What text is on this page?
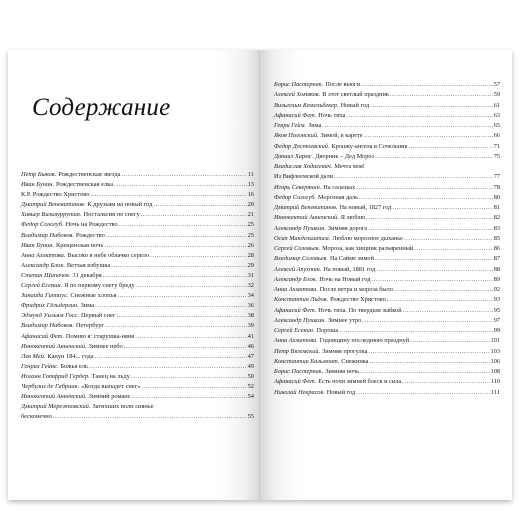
Содержание
Петр Быков. Рождественская звезда .....	11
Иван Бунин. Рождественская елка .....	13
К.Р. Рождество Христово .....	16
Дмитрий Веневитинов. К друзьям на новый год .....	20
Хавьер Вильяуррутия. Ностальгия по снегу .....	21
Федор Сологуб. Ночь на Рождество .....	25
Владимир Набоков. Рождество .....	25
Иван Бунин. Крещенская ночь .....	26
Анна Ахматова. Высоко в небе облачко серело .....	28
Александр Блок. Ветхая избушка .....	29
Степан Щипачев. 31 декабря .....	31
Сергей Есенин. Я по первому снегу бреду .....	32
Зинаида Гиппиус. Снежные хлопья .....	34
Фридрих Гёльдерлин. Зима .....	36
Эдмунд Уильям Госс. Первый снег .....	38
Владимир Набоков. Петербург .....	39
Афанасий Фет. Помню я: старушка-няня .....	41
Иннокентий Анненский. Зимнее небо .....	46
Лев Мей. Канун 184... года .....	47
Генрих Гейне. Божья ель .....	49
Иоганн Готфрид Гердер. Танец на льду .....	50
Чербулиз де Габриак. «Когда выпадет снег» .....	52
Иннокентий Анненский. Зимний романс .....	54
Дмитрий Мережковский. Затихших волн сиянье
бесконечно .....	55
Борис Пастернак. После вьюги .....	57
Алексей Хомяков. В этот светлый праздник .....	59
Вильгельм Кюхельбекер. Новый год .....	61
Афанасий Фет. Ночь тиха .....	63
Генри Гейм. Зима .....	65
Яков Полонский. Зимой, в карете .....	66
Федор Достоевский. Крошку-ангела в Сочельник .....	71
Даниил Хармс. Дворник – Дед Мороз .....	75
Владислав Ходасевич. Мечта моя!
Из Вифлеемской дали .....	77
Игорь Северянин. На салазках .....	78
Федор Сологуб. Морозная даль .....	80
Дмитрий Веневитинов. На новый, 1827 год .....	81
Иннокентий Анненский. Я люблю .....	82
Александр Пушкин. Зимняя дорога .....	83
Осип Мандельштам. Люблю морозное дыханье .....	85
Сергей Соловьев. Мороза, как хищник разъяренный .....	86
Владимир Соловьев. На Сайме зимой .....	87
Алексей Апухтин. На новый, 1881 год .....	88
Александр Блок. Ночь на Новый год .....	89
Анна Ахматова. После ветра и мороза было .....	92
Константин Льдов. Рождество Христово .....	93
Афанасий Фет. Ночь тиха. По твердым зыбкой .....	95
Александр Пушкин. Зимнее утро .....	97
Сергей Есенин. Пороша .....	99
Анна Ахматова. Годовщину последнюю празднуй .....	101
Петр Вяземский. Зимняя прогулка .....	103
Константин Бальмонт. Снежинка .....	106
Борис Пастернак. Зимняя ночь .....	108
Афанасий Фет. Есть ночи зимней блеск и сила .....	110
Николай Некрасов. Новый год .....	111
